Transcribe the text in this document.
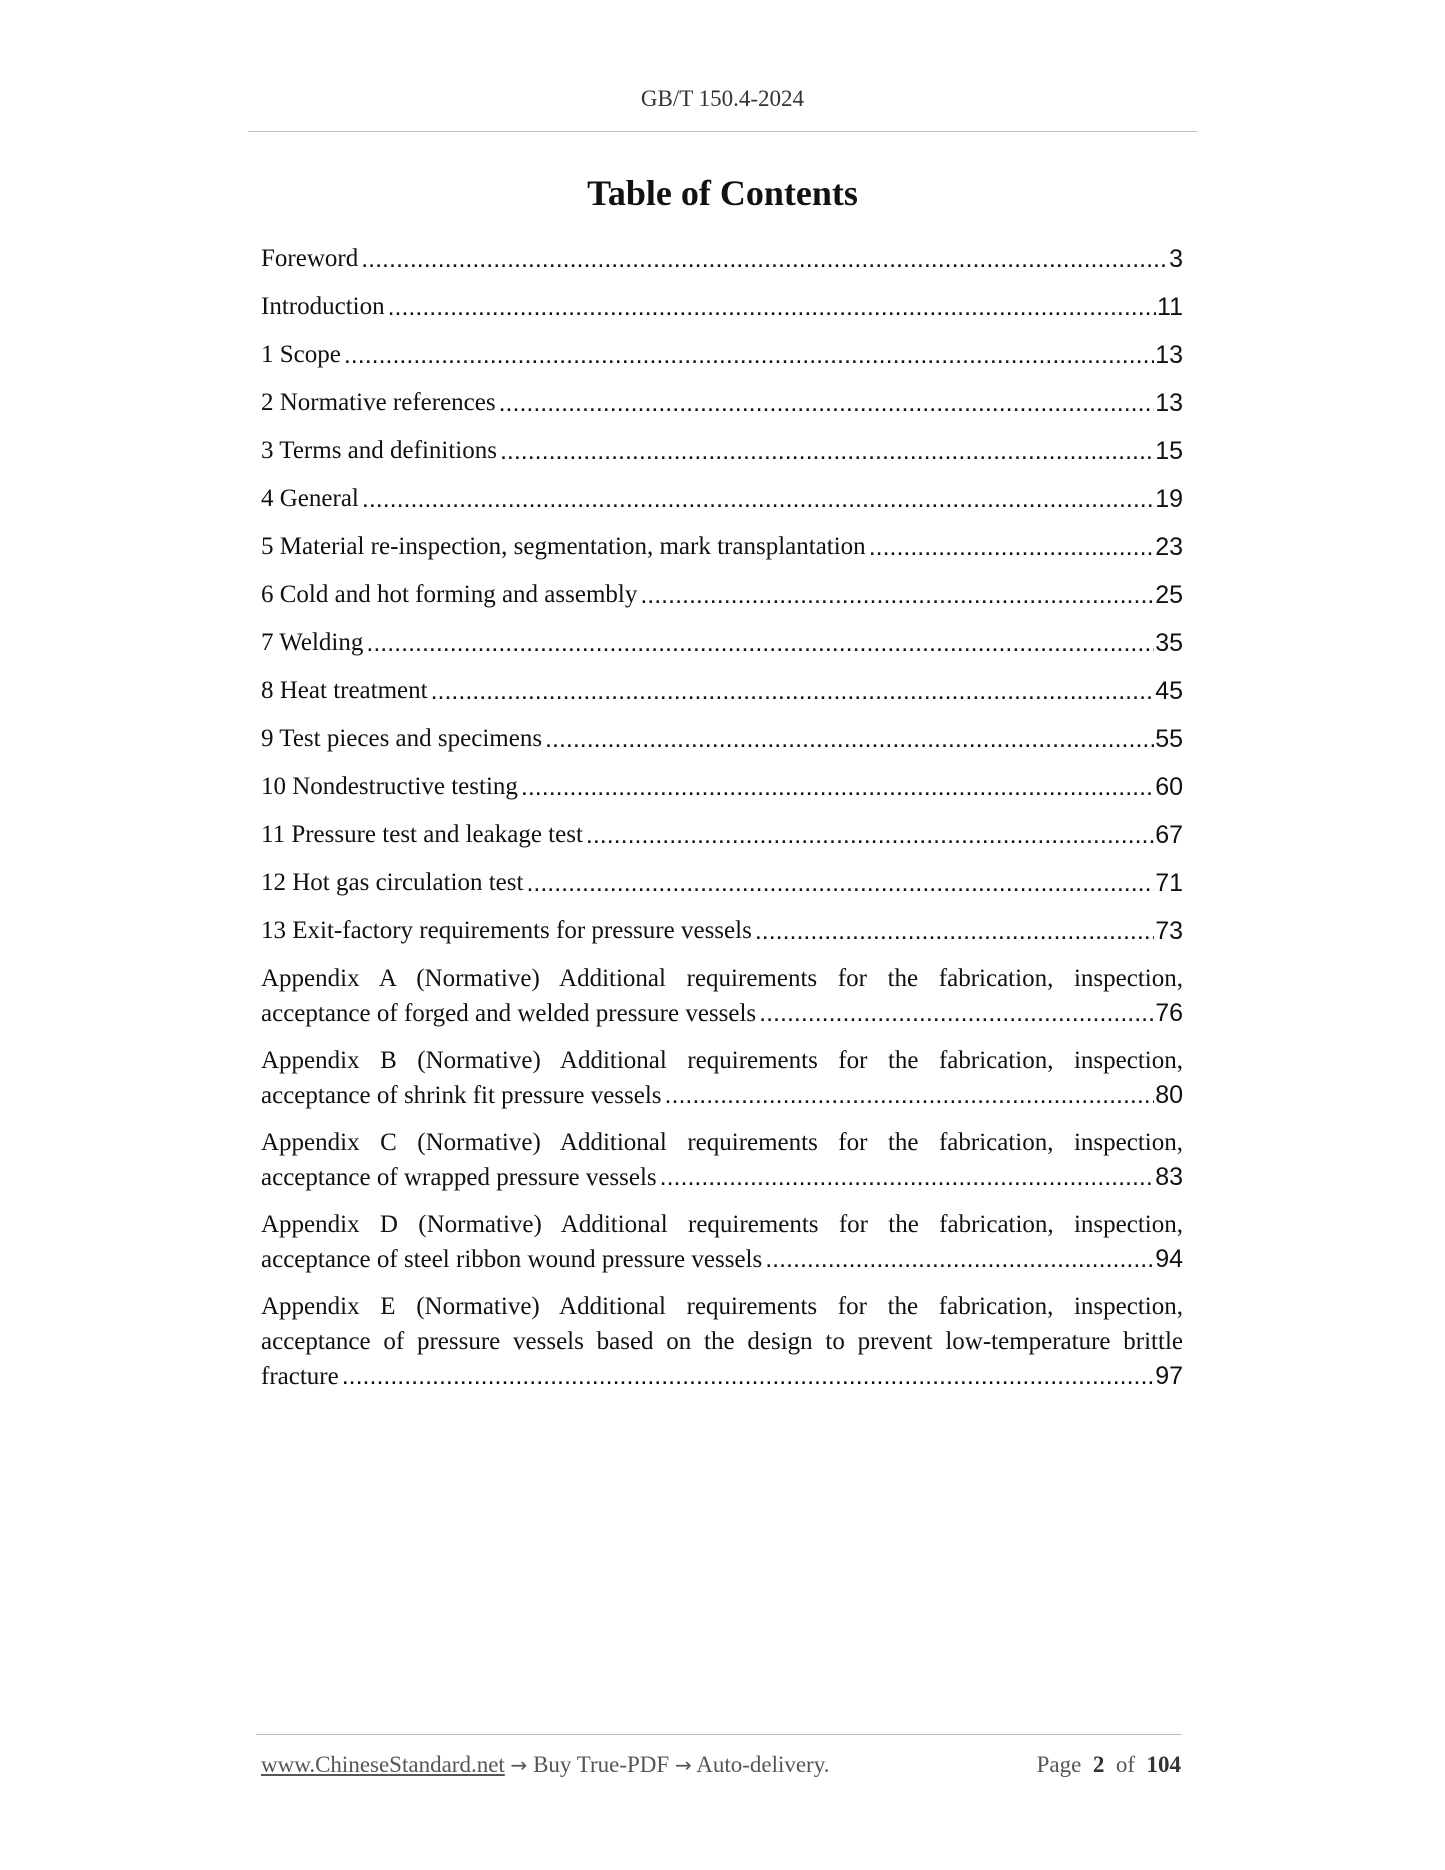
GB/T 150.4-2024
Table of Contents
Foreword .....	3
Introduction .....	11
1 Scope .....	13
2 Normative references .....	13
3 Terms and definitions .....	15
4 General .....	19
5 Material re-inspection, segmentation, mark transplantation .....	23
6 Cold and hot forming and assembly .....	25
7 Welding .....	35
8 Heat treatment .....	45
9 Test pieces and specimens .....	55
10 Nondestructive testing .....	60
11 Pressure test and leakage test .....	67
12 Hot gas circulation test .....	71
13 Exit-factory requirements for pressure vessels .....	73
Appendix A (Normative) Additional requirements for the fabrication, inspection,
acceptance of forged and welded pressure vessels .....	76
Appendix B (Normative) Additional requirements for the fabrication, inspection,
acceptance of shrink fit pressure vessels .....	80
Appendix C (Normative) Additional requirements for the fabrication, inspection,
acceptance of wrapped pressure vessels .....	83
Appendix D (Normative) Additional requirements for the fabrication, inspection,
acceptance of steel ribbon wound pressure vessels .....	94
Appendix E (Normative) Additional requirements for the fabrication, inspection,
acceptance of pressure vessels based on the design to prevent low-temperature brittle
fracture .....	97
www.ChineseStandard.net → Buy True-PDF → Auto-delivery.	Page 2 of 104
